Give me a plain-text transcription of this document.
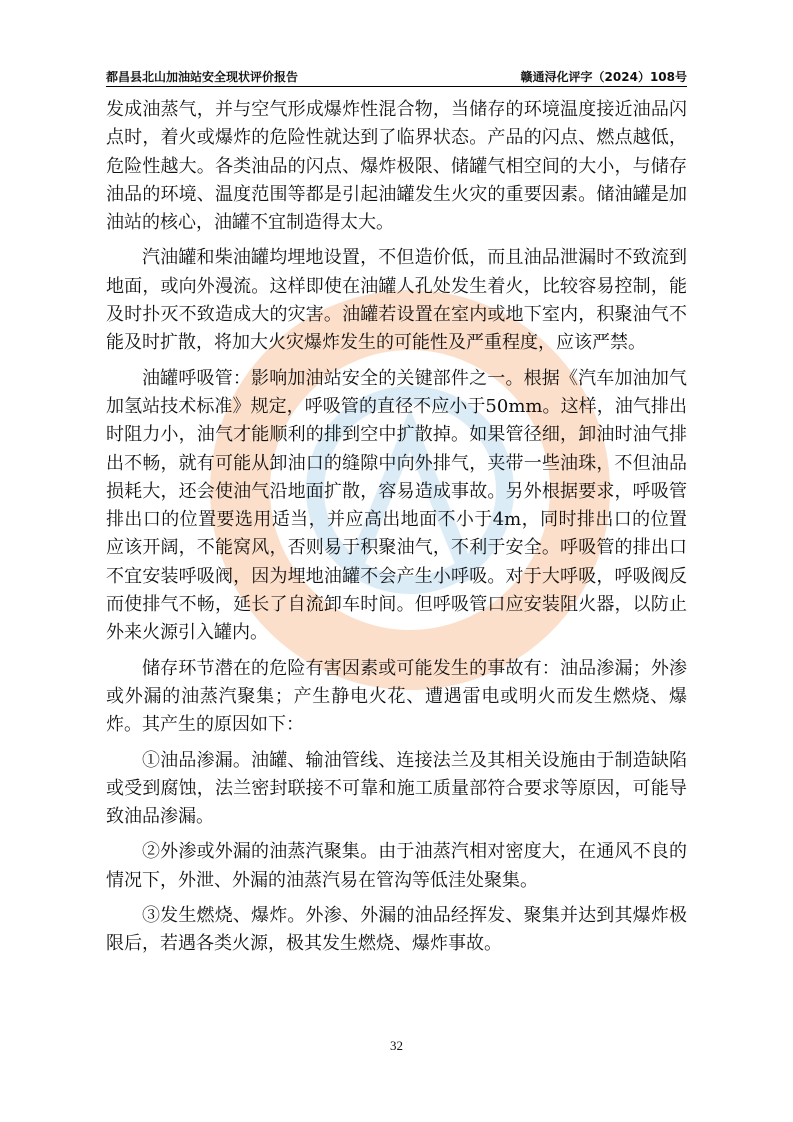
都昌县北山加油站安全现状评价报告	赣通浔化评字（2024）108号

发成油蒸气，并与空气形成爆炸性混合物，当储存的环境温度接近油品闪点时，着火或爆炸的危险性就达到了临界状态。产品的闪点、燃点越低，危险性越大。各类油品的闪点、爆炸极限、储罐气相空间的大小，与储存油品的环境、温度范围等都是引起油罐发生火灾的重要因素。储油罐是加油站的核心，油罐不宜制造得太大。

汽油罐和柴油罐均埋地设置，不但造价低，而且油品泄漏时不致流到地面，或向外漫流。这样即使在油罐人孔处发生着火，比较容易控制，能及时扑灭不致造成大的灾害。油罐若设置在室内或地下室内，积聚油气不能及时扩散，将加大火灾爆炸发生的可能性及严重程度，应该严禁。

油罐呼吸管：影响加油站安全的关键部件之一。根据《汽车加油加气加氢站技术标准》规定，呼吸管的直径不应小于50mm。这样，油气排出时阻力小，油气才能顺利的排到空中扩散掉。如果管径细，卸油时油气排出不畅，就有可能从卸油口的缝隙中向外排气，夹带一些油珠，不但油品损耗大，还会使油气沿地面扩散，容易造成事故。另外根据要求，呼吸管排出口的位置要选用适当，并应高出地面不小于4m，同时排出口的位置应该开阔，不能窝风，否则易于积聚油气，不利于安全。呼吸管的排出口不宜安装呼吸阀，因为埋地油罐不会产生小呼吸。对于大呼吸，呼吸阀反而使排气不畅，延长了自流卸车时间。但呼吸管口应安装阻火器，以防止外来火源引入罐内。

储存环节潜在的危险有害因素或可能发生的事故有：油品渗漏；外渗或外漏的油蒸汽聚集；产生静电火花、遭遇雷电或明火而发生燃烧、爆炸。其产生的原因如下：

①油品渗漏。油罐、输油管线、连接法兰及其相关设施由于制造缺陷或受到腐蚀，法兰密封联接不可靠和施工质量部符合要求等原因，可能导致油品渗漏。

②外渗或外漏的油蒸汽聚集。由于油蒸汽相对密度大，在通风不良的情况下，外泄、外漏的油蒸汽易在管沟等低洼处聚集。

③发生燃烧、爆炸。外渗、外漏的油品经挥发、聚集并达到其爆炸极限后，若遇各类火源，极其发生燃烧、爆炸事故。

32
